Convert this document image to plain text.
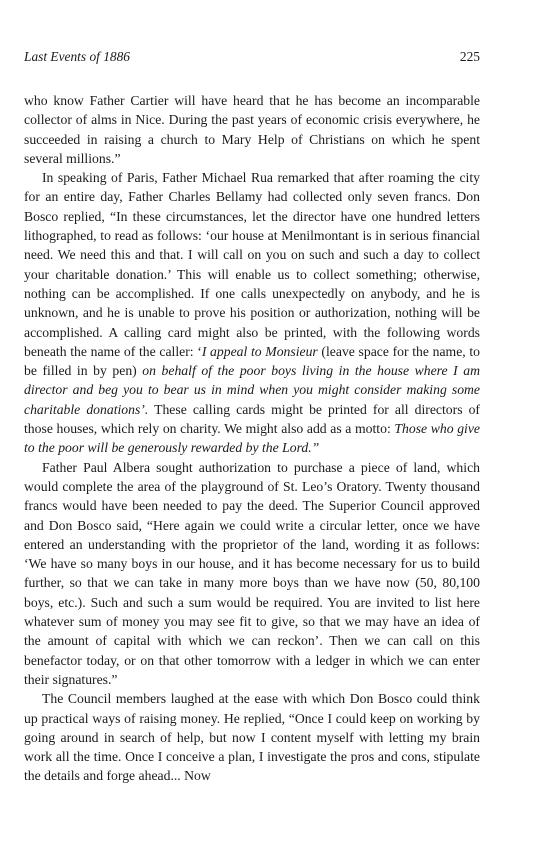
Last Events of 1886	225

who know Father Cartier will have heard that he has become an incomparable collector of alms in Nice. During the past years of economic crisis everywhere, he succeeded in raising a church to Mary Help of Christians on which he spent several millions.”

In speaking of Paris, Father Michael Rua remarked that after roaming the city for an entire day, Father Charles Bellamy had collected only seven francs. Don Bosco replied, “In these circumstances, let the director have one hundred letters lithographed, to read as follows: ‘our house at Menilmontant is in serious financial need. We need this and that. I will call on you on such and such a day to collect your charitable donation.’ This will enable us to collect something; otherwise, nothing can be accomplished. If one calls unexpectedly on anybody, and he is unknown, and he is unable to prove his position or authorization, nothing will be accomplished. A calling card might also be printed, with the following words beneath the name of the caller: ‘I appeal to Monsieur (leave space for the name, to be filled in by pen) on behalf of the poor boys living in the house where I am director and beg you to bear us in mind when you might consider making some charitable donations’. These calling cards might be printed for all directors of those houses, which rely on charity. We might also add as a motto: Those who give to the poor will be generously rewarded by the Lord.”

Father Paul Albera sought authorization to purchase a piece of land, which would complete the area of the playground of St. Leo’s Oratory. Twenty thousand francs would have been needed to pay the deed. The Superior Council approved and Don Bosco said, “Here again we could write a circular letter, once we have entered an understanding with the proprietor of the land, wording it as follows: ‘We have so many boys in our house, and it has become necessary for us to build further, so that we can take in many more boys than we have now (50, 80,100 boys, etc.). Such and such a sum would be required. You are invited to list here whatever sum of money you may see fit to give, so that we may have an idea of the amount of capital with which we can reckon’. Then we can call on this benefactor today, or on that other tomorrow with a ledger in which we can enter their signatures.”

The Council members laughed at the ease with which Don Bosco could think up practical ways of raising money. He replied, “Once I could keep on working by going around in search of help, but now I content myself with letting my brain work all the time. Once I conceive a plan, I investigate the pros and cons, stipulate the details and forge ahead... Now
